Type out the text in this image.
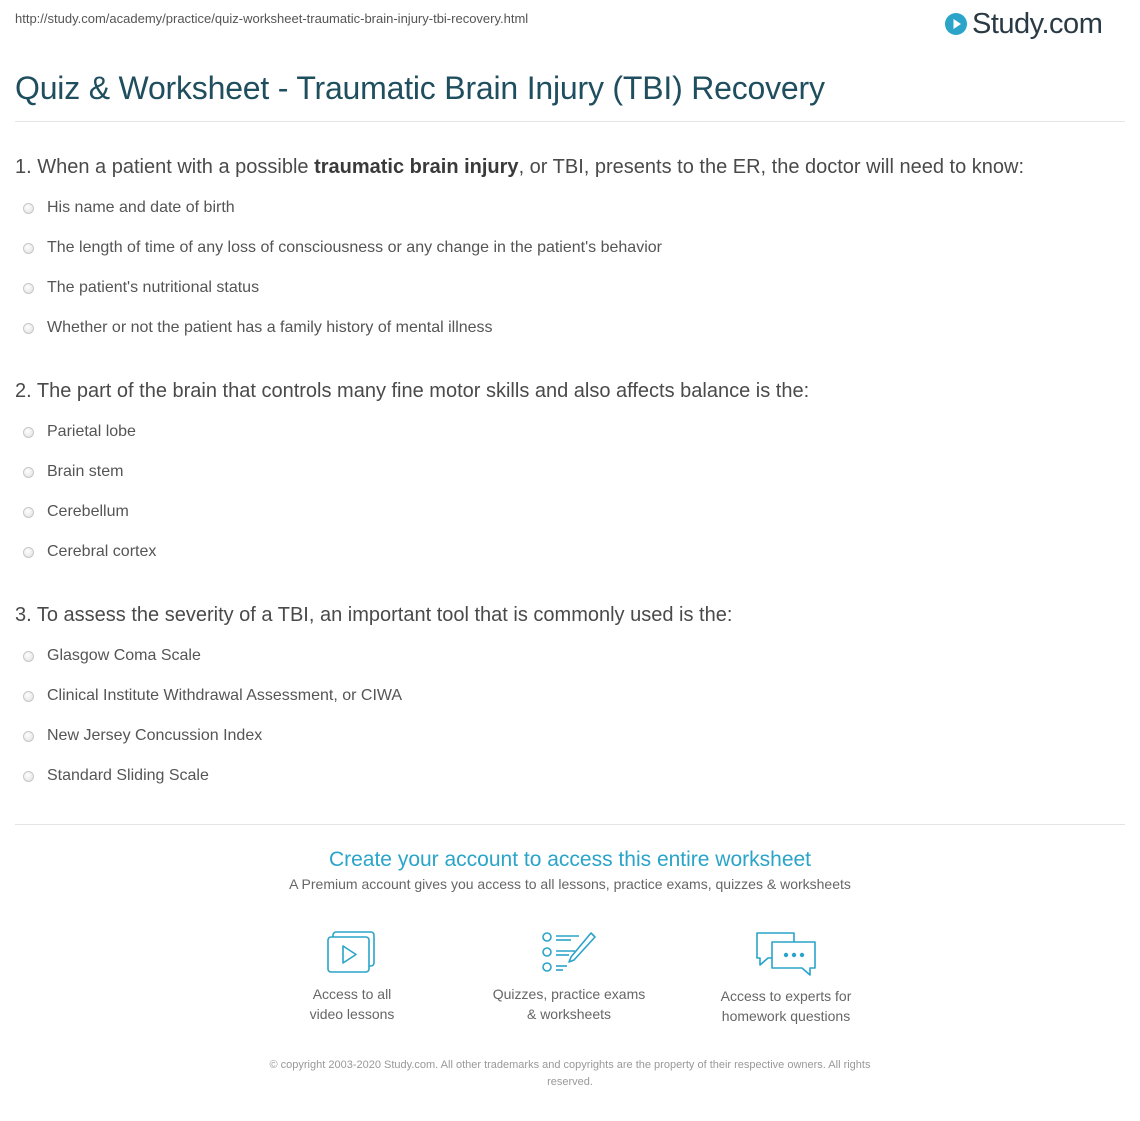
http://study.com/academy/practice/quiz-worksheet-traumatic-brain-injury-tbi-recovery.html	Study.com
Quiz & Worksheet - Traumatic Brain Injury (TBI) Recovery
1. When a patient with a possible traumatic brain injury, or TBI, presents to the ER, the doctor will need to know:
His name and date of birth
The length of time of any loss of consciousness or any change in the patient's behavior
The patient's nutritional status
Whether or not the patient has a family history of mental illness
2. The part of the brain that controls many fine motor skills and also affects balance is the:
Parietal lobe
Brain stem
Cerebellum
Cerebral cortex
3. To assess the severity of a TBI, an important tool that is commonly used is the:
Glasgow Coma Scale
Clinical Institute Withdrawal Assessment, or CIWA
New Jersey Concussion Index
Standard Sliding Scale
Create your account to access this entire worksheet
A Premium account gives you access to all lessons, practice exams, quizzes & worksheets
Access to all
video lessons
Quizzes, practice exams
& worksheets
Access to experts for
homework questions
© copyright 2003-2020 Study.com. All other trademarks and copyrights are the property of their respective owners. All rights
reserved.
